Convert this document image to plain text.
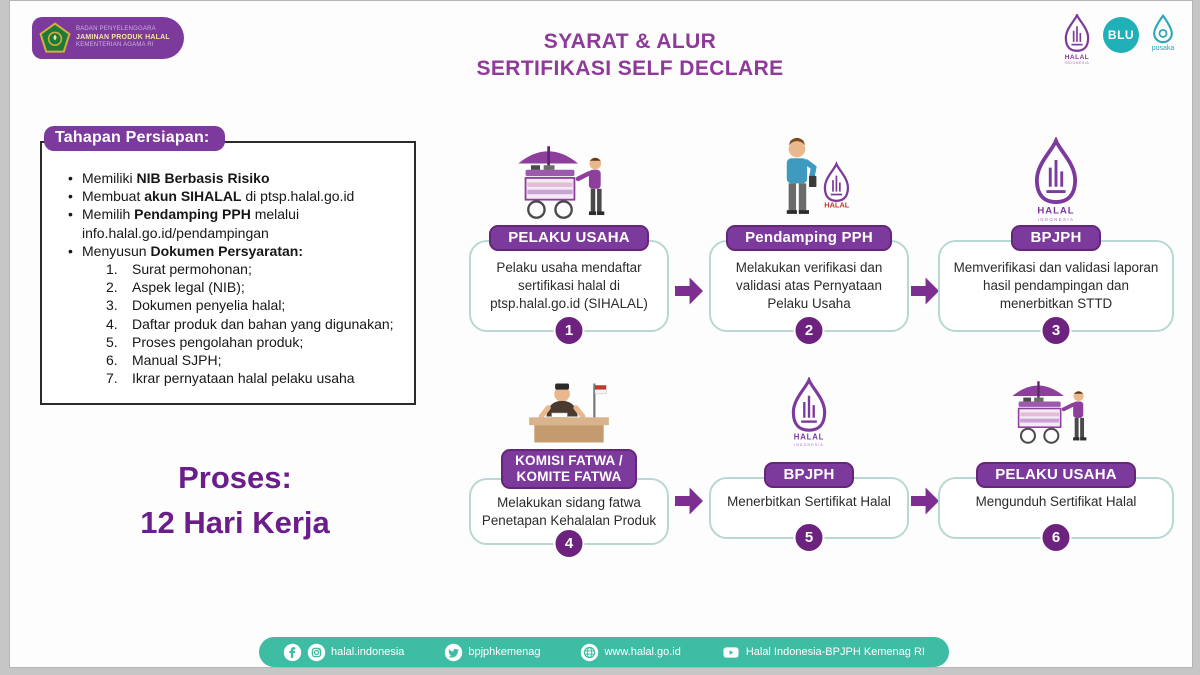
BADAN PENYELENGGARA
JAMINAN PRODUK HALAL
KEMENTERIAN AGAMA RI	SYARAT & ALUR
SERTIFIKASI SELF DECLARE	HALAL
INDONESIA
BLU
pusaka
Tahapan Persiapan:
• Memiliki NIB Berbasis Risiko
• Membuat akun SIHALAL di ptsp.halal.go.id
• Memilih Pendamping PPH melalui info.halal.go.id/pendampingan
• Menyusun Dokumen Persyaratan:
1. Surat permohonan;
2. Aspek legal (NIB);
3. Dokumen penyelia halal;
4. Daftar produk dan bahan yang digunakan;
5. Proses pengolahan produk;
6. Manual SJPH;
7. Ikrar pernyataan halal pelaku usaha
Proses:
12 Hari Kerja
PELAKU USAHA
Pelaku usaha mendaftar sertifikasi halal di ptsp.halal.go.id (SIHALAL)
1
HALAL
Pendamping PPH
Melakukan verifikasi dan validasi atas Pernyataan Pelaku Usaha
2
HALAL
INDONESIA
BPJPH
Memverifikasi dan validasi laporan hasil pendampingan dan menerbitkan STTD
3
KOMISI FATWA /
KOMITE FATWA
Melakukan sidang fatwa Penetapan Kehalalan Produk
4
HALAL
INDONESIA
BPJPH
Menerbitkan Sertifikat Halal
5
PELAKU USAHA
Mengunduh Sertifikat Halal
6
halal.indonesia	bpjphkemenag	www.halal.go.id	Halal Indonesia-BPJPH Kemenag RI
